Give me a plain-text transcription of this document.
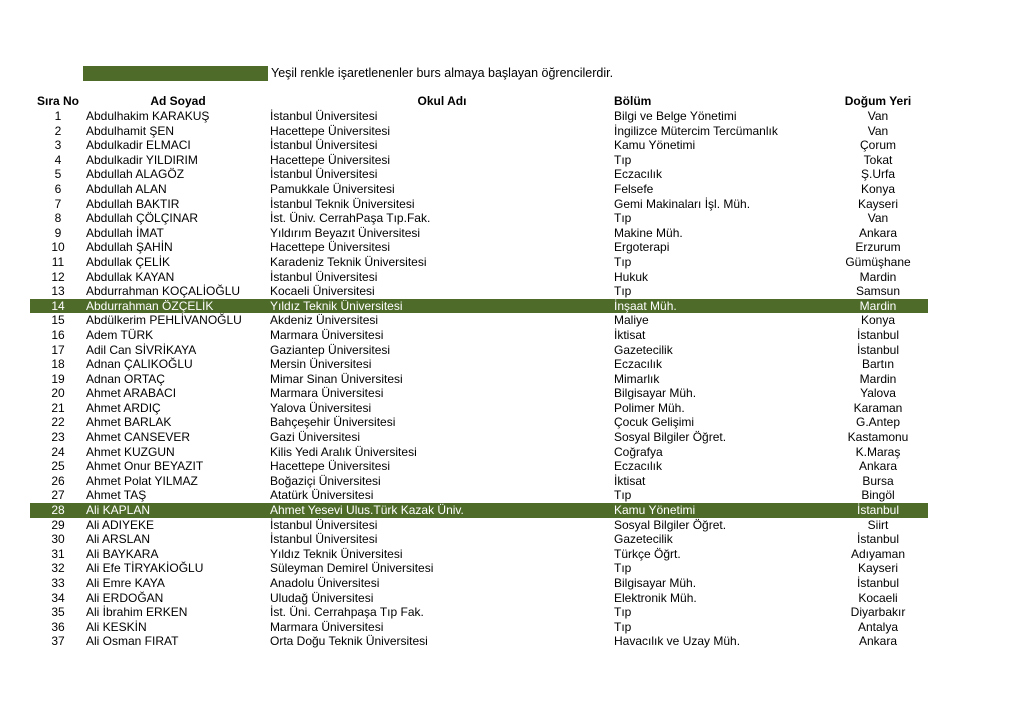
Yeşil renkle işaretlenenler burs almaya başlayan öğrencilerdir.
Sıra No	Ad Soyad	Okul Adı	Bölüm	Doğum Yeri
1	Abdulhakim KARAKUŞ	İstanbul Üniversitesi	Bilgi ve Belge Yönetimi	Van
2	Abdulhamit ŞEN	Hacettepe Üniversitesi	İngilizce Mütercim Tercümanlık	Van
3	Abdulkadir ELMACI	İstanbul Üniversitesi	Kamu Yönetimi	Çorum
4	Abdulkadir YILDIRIM	Hacettepe Üniversitesi	Tıp	Tokat
5	Abdullah ALAGÖZ	İstanbul Üniversitesi	Eczacılık	Ş.Urfa
6	Abdullah ALAN	Pamukkale Üniversitesi	Felsefe	Konya
7	Abdullah BAKTIR	İstanbul Teknik Üniversitesi	Gemi Makinaları İşl. Müh.	Kayseri
8	Abdullah ÇÖLÇINAR	İst. Üniv. CerrahPaşa Tıp.Fak.	Tıp	Van
9	Abdullah İMAT	Yıldırım Beyazıt Üniversitesi	Makine Müh.	Ankara
10	Abdullah ŞAHİN	Hacettepe Üniversitesi	Ergoterapi	Erzurum
11	Abdullak ÇELİK	Karadeniz Teknik Üniversitesi	Tıp	Gümüşhane
12	Abdullak KAYAN	İstanbul Üniversitesi	Hukuk	Mardin
13	Abdurrahman KOÇALİOĞLU	Kocaeli Üniversitesi	Tıp	Samsun
14	Abdurrahman ÖZÇELİK	Yıldız Teknik Üniversitesi	İnşaat Müh.	Mardin
15	Abdülkerim PEHLİVANOĞLU	Akdeniz Üniversitesi	Maliye	Konya
16	Adem TÜRK	Marmara Üniversitesi	İktisat	İstanbul
17	Adil Can SİVRİKAYA	Gaziantep Üniversitesi	Gazetecilik	İstanbul
18	Adnan ÇALIKOĞLU	Mersin Üniversitesi	Eczacılık	Bartın
19	Adnan ORTAÇ	Mimar Sinan Üniversitesi	Mimarlık	Mardin
20	Ahmet ARABACI	Marmara Üniversitesi	Bilgisayar Müh.	Yalova
21	Ahmet ARDIÇ	Yalova Üniversitesi	Polimer Müh.	Karaman
22	Ahmet BARLAK	Bahçeşehir Üniversitesi	Çocuk Gelişimi	G.Antep
23	Ahmet CANSEVER	Gazi Üniversitesi	Sosyal Bilgiler Öğret.	Kastamonu
24	Ahmet KUZGUN	Kilis Yedi Aralık Üniversitesi	Coğrafya	K.Maraş
25	Ahmet Onur BEYAZIT	Hacettepe Üniversitesi	Eczacılık	Ankara
26	Ahmet Polat YILMAZ	Boğaziçi Üniversitesi	İktisat	Bursa
27	Ahmet TAŞ	Atatürk Üniversitesi	Tıp	Bingöl
28	Ali KAPLAN	Ahmet Yesevi Ulus.Türk Kazak Üniv.	Kamu Yönetimi	İstanbul
29	Ali ADIYEKE	İstanbul Üniversitesi	Sosyal Bilgiler Öğret.	Siirt
30	Ali ARSLAN	İstanbul Üniversitesi	Gazetecilik	İstanbul
31	Ali BAYKARA	Yıldız Teknik Üniversitesi	Türkçe Öğrt.	Adıyaman
32	Ali Efe TİRYAKİOĞLU	Süleyman Demirel Üniversitesi	Tıp	Kayseri
33	Ali Emre KAYA	Anadolu Üniversitesi	Bilgisayar Müh.	İstanbul
34	Ali ERDOĞAN	Uludağ Üniversitesi	Elektronik Müh.	Kocaeli
35	Ali İbrahim ERKEN	İst. Üni. Cerrahpaşa Tıp Fak.	Tıp	Diyarbakır
36	Ali KESKİN	Marmara Üniversitesi	Tıp	Antalya
37	Ali Osman FIRAT	Orta Doğu Teknik Üniversitesi	Havacılık ve Uzay Müh.	Ankara
